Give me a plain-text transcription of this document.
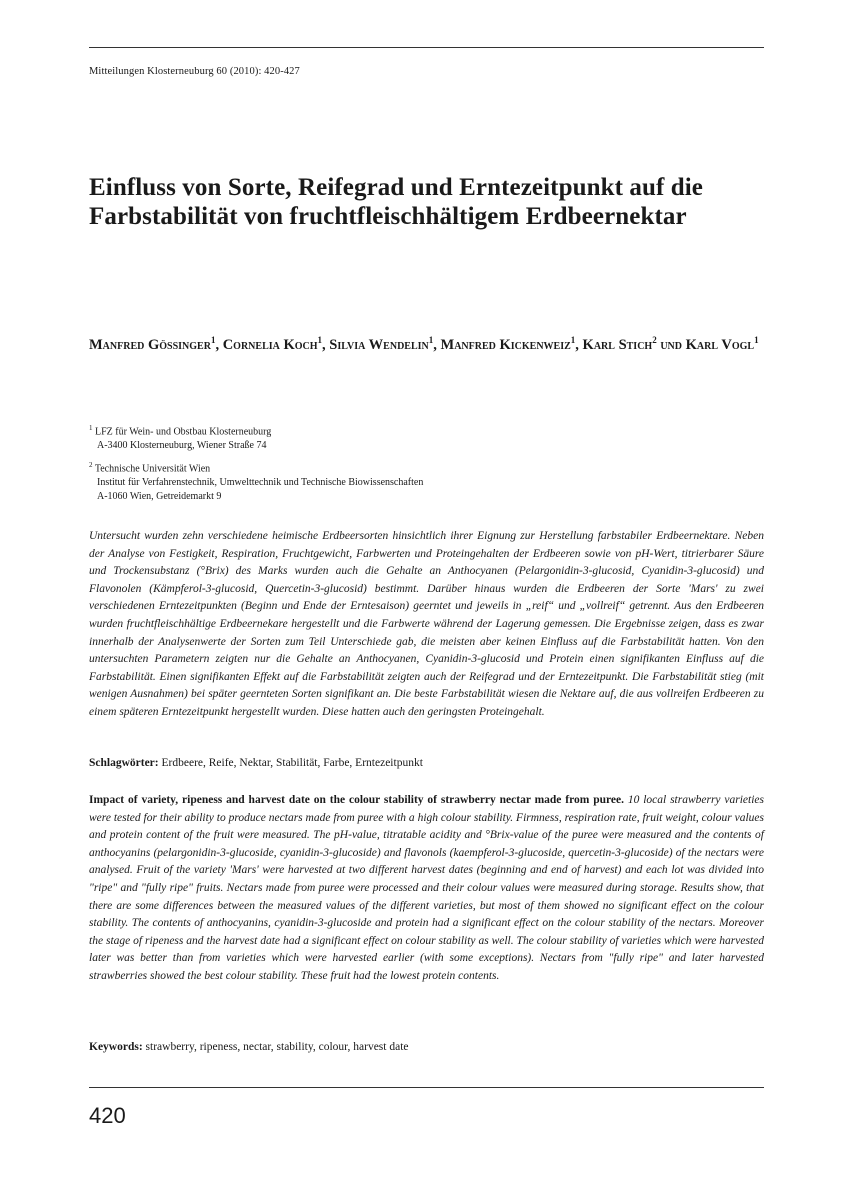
Mitteilungen Klosterneuburg 60 (2010): 420-427
Einfluss von Sorte, Reifegrad und Erntezeitpunkt auf die Farbstabilität von fruchtfleischhältigem Erdbeernektar
Manfred Gössinger$^1$, Cornelia Koch$^1$, Silvia Wendelin$^1$, Manfred Kickenweiz$^1$, Karl Stich$^2$ und Karl Vogl$^1$
$^1$ LFZ für Wein- und Obstbau Klosterneuburg
A-3400 Klosterneuburg, Wiener Straße 74
$^2$ Technische Universität Wien
Institut für Verfahrenstechnik, Umwelttechnik und Technische Biowissenschaften
A-1060 Wien, Getreidemarkt 9

Untersucht wurden zehn verschiedene heimische Erdbeersorten hinsichtlich ihrer Eignung zur Herstellung farbstabiler Erdbeernektare. Neben der Analyse von Festigkeit, Respiration, Fruchtgewicht, Farbwerten und Proteingehalten der Erdbeeren sowie von pH-Wert, titrierbarer Säure und Trockensubstanz (°Brix) des Marks wurden auch die Gehalte an Anthocyanen (Pelargonidin-3-glucosid, Cyanidin-3-glucosid) und Flavonolen (Kämpferol-3-glucosid, Quercetin-3-glucosid) bestimmt. Darüber hinaus wurden die Erdbeeren der Sorte 'Mars' zu zwei verschiedenen Erntezeitpunkten (Beginn und Ende der Erntesaison) geerntet und jeweils in „reif“ und „vollreif“ getrennt. Aus den Erdbeeren wurden fruchtfleischhältige Erdbeernekare hergestellt und die Farbwerte während der Lagerung gemessen. Die Ergebnisse zeigen, dass es zwar innerhalb der Analysenwerte der Sorten zum Teil Unterschiede gab, die meisten aber keinen Einfluss auf die Farbstabilität hatten. Von den untersuchten Parametern zeigten nur die Gehalte an Anthocyanen, Cyanidin-3-glucosid und Protein einen signifikanten Einfluss auf die Farbstabilität. Einen signifikanten Effekt auf die Farbstabilität zeigten auch der Reifegrad und der Erntezeitpunkt. Die Farbstabilität stieg (mit wenigen Ausnahmen) bei später geernteten Sorten signifikant an. Die beste Farbstabilität wiesen die Nektare auf, die aus vollreifen Erdbeeren zu einem späteren Erntezeitpunkt hergestellt wurden. Diese hatten auch den geringsten Proteingehalt.

Schlagwörter: Erdbeere, Reife, Nektar, Stabilität, Farbe, Erntezeitpunkt

Impact of variety, ripeness and harvest date on the colour stability of strawberry nectar made from puree. 10 local strawberry varieties were tested for their ability to produce nectars made from puree with a high colour stability. Firmness, respiration rate, fruit weight, colour values and protein content of the fruit were measured. The pH-value, titratable acidity and °Brix-value of the puree were measured and the contents of anthocyanins (pelargonidin-3-glucoside, cyanidin-3-glucoside) and flavonols (kaempferol-3-glucoside, quercetin-3-glucoside) of the nectars were analysed. Fruit of the variety 'Mars' were harvested at two different harvest dates (beginning and end of harvest) and each lot was divided into "ripe" and "fully ripe" fruits. Nectars made from puree were processed and their colour values were measured during storage. Results show, that there are some differences between the measured values of the different varieties, but most of them showed no significant effect on the colour stability. The contents of anthocyanins, cyanidin-3-glucoside and protein had a significant effect on the colour stability of the nectars. Moreover the stage of ripeness and the harvest date had a significant effect on colour stability as well. The colour stability of varieties which were harvested later was better than from varieties which were harvested earlier (with some exceptions). Nectars from "fully ripe" and later harvested strawberries showed the best colour stability. These fruit had the lowest protein contents.

Keywords: strawberry, ripeness, nectar, stability, colour, harvest date
420
